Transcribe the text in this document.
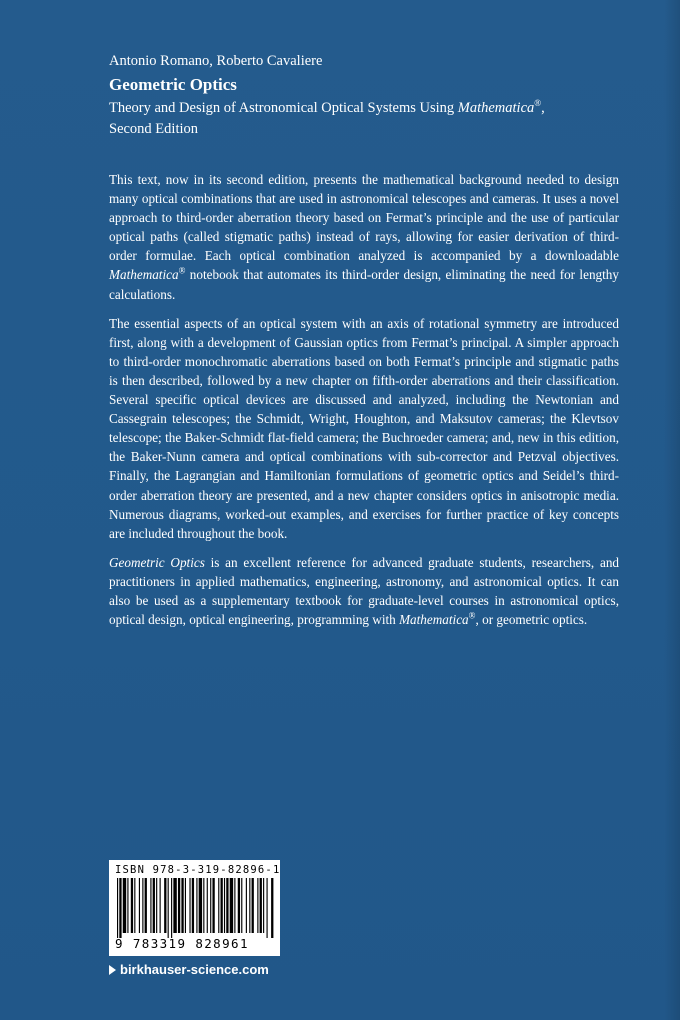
Antonio Romano, Roberto Cavaliere
Geometric Optics
Theory and Design of Astronomical Optical Systems Using Mathematica®,
Second Edition

This text, now in its second edition, presents the mathematical background needed to design many optical combinations that are used in astronomical telescopes and cameras. It uses a novel approach to third-order aberration theory based on Fermat’s principle and the use of particular optical paths (called stigmatic paths) instead of rays, allowing for easier derivation of third-order formulae. Each optical combination analyzed is accompanied by a downloadable Mathematica® notebook that automates its third-order design, eliminating the need for lengthy calculations.

The essential aspects of an optical system with an axis of rotational symmetry are introduced first, along with a development of Gaussian optics from Fermat’s principal. A simpler approach to third-order monochromatic aberrations based on both Fermat’s principle and stigmatic paths is then described, followed by a new chapter on fifth-order aberrations and their classification. Several specific optical devices are discussed and analyzed, including the Newtonian and Cassegrain telescopes; the Schmidt, Wright, Houghton, and Maksutov cameras; the Klevtsov telescope; the Baker-Schmidt flat-field camera; the Buchroeder camera; and, new in this edition, the Baker-Nunn camera and optical combinations with sub-corrector and Petzval objectives. Finally, the Lagrangian and Hamiltonian formulations of geometric optics and Seidel’s third-order aberration theory are presented, and a new chapter considers optics in anisotropic media. Numerous diagrams, worked-out examples, and exercises for further practice of key concepts are included throughout the book.

Geometric Optics is an excellent reference for advanced graduate students, researchers, and practitioners in applied mathematics, engineering, astronomy, and astronomical optics. It can also be used as a supplementary textbook for graduate-level courses in astronomical optics, optical design, optical engineering, programming with Mathematica®, or geometric optics.

ISBN 978-3-319-82896-1
9 783319 828961
birkhauser-science.com
